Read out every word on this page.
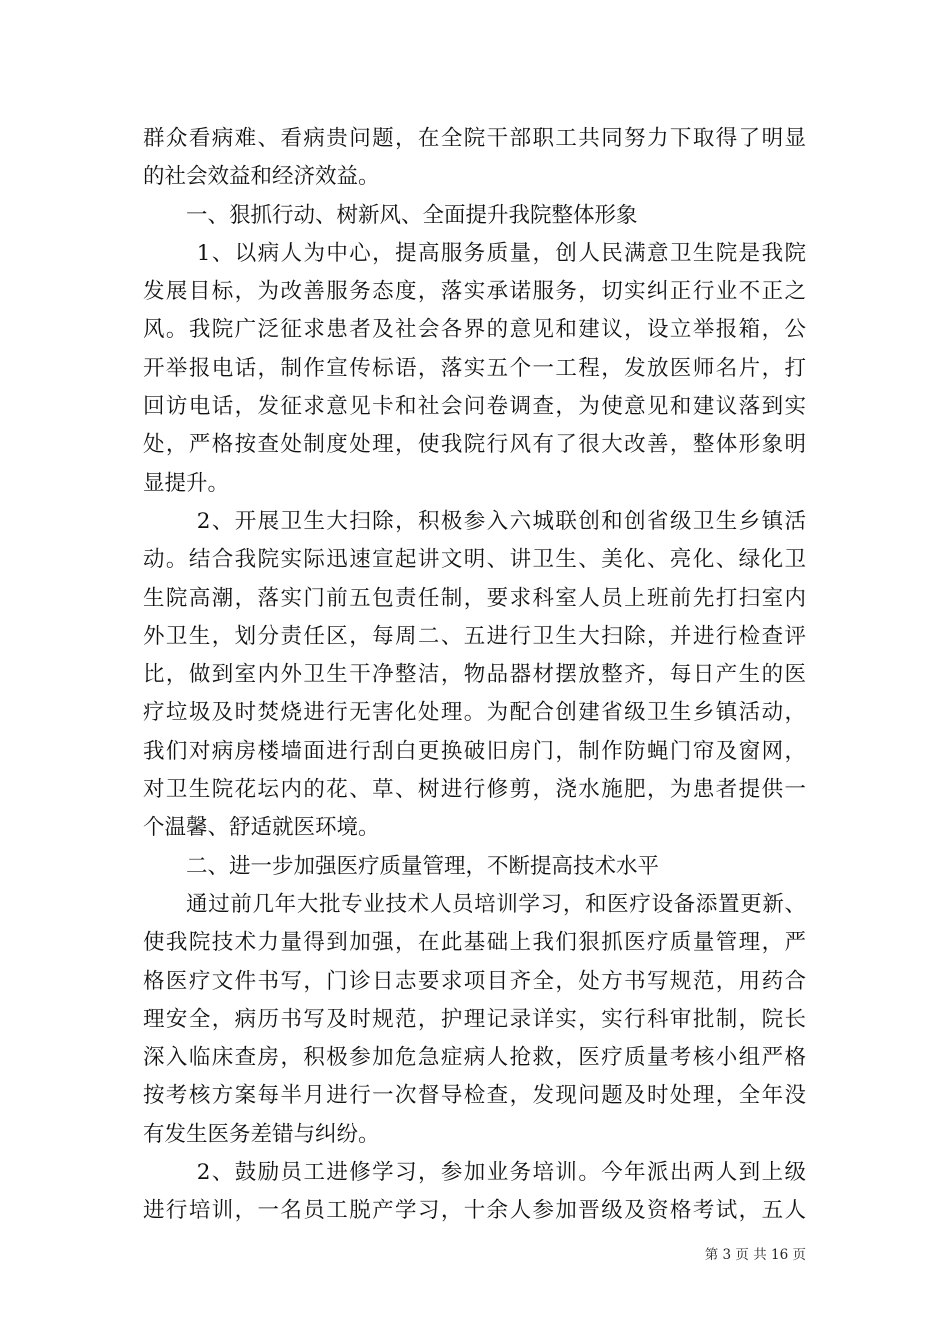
群众看病难、看病贵问题，在全院干部职工共同努力下取得了明显
的社会效益和经济效益。
一、狠抓行动、树新风、全面提升我院整体形象
1、以病人为中心，提高服务质量，创人民满意卫生院是我院
发展目标，为改善服务态度，落实承诺服务，切实纠正行业不正之
风。我院广泛征求患者及社会各界的意见和建议，设立举报箱，公
开举报电话，制作宣传标语，落实五个一工程，发放医师名片，打
回访电话，发征求意见卡和社会问卷调查，为使意见和建议落到实
处，严格按查处制度处理，使我院行风有了很大改善，整体形象明
显提升。
2、开展卫生大扫除，积极参入六城联创和创省级卫生乡镇活
动。结合我院实际迅速宣起讲文明、讲卫生、美化、亮化、绿化卫
生院高潮，落实门前五包责任制，要求科室人员上班前先打扫室内
外卫生，划分责任区，每周二、五进行卫生大扫除，并进行检查评
比，做到室内外卫生干净整洁，物品器材摆放整齐，每日产生的医
疗垃圾及时焚烧进行无害化处理。为配合创建省级卫生乡镇活动，
我们对病房楼墙面进行刮白更换破旧房门，制作防蝇门帘及窗网，
对卫生院花坛内的花、草、树进行修剪，浇水施肥，为患者提供一
个温馨、舒适就医环境。
二、进一步加强医疗质量管理，不断提高技术水平
通过前几年大批专业技术人员培训学习，和医疗设备添置更新、
使我院技术力量得到加强，在此基础上我们狠抓医疗质量管理，严
格医疗文件书写，门诊日志要求项目齐全，处方书写规范，用药合
理安全，病历书写及时规范，护理记录详实，实行科审批制，院长
深入临床查房，积极参加危急症病人抢救，医疗质量考核小组严格
按考核方案每半月进行一次督导检查，发现问题及时处理，全年没
有发生医务差错与纠纷。
2、鼓励员工进修学习，参加业务培训。今年派出两人到上级
进行培训，一名员工脱产学习，十余人参加晋级及资格考试，五人
第 3 页 共 16 页
